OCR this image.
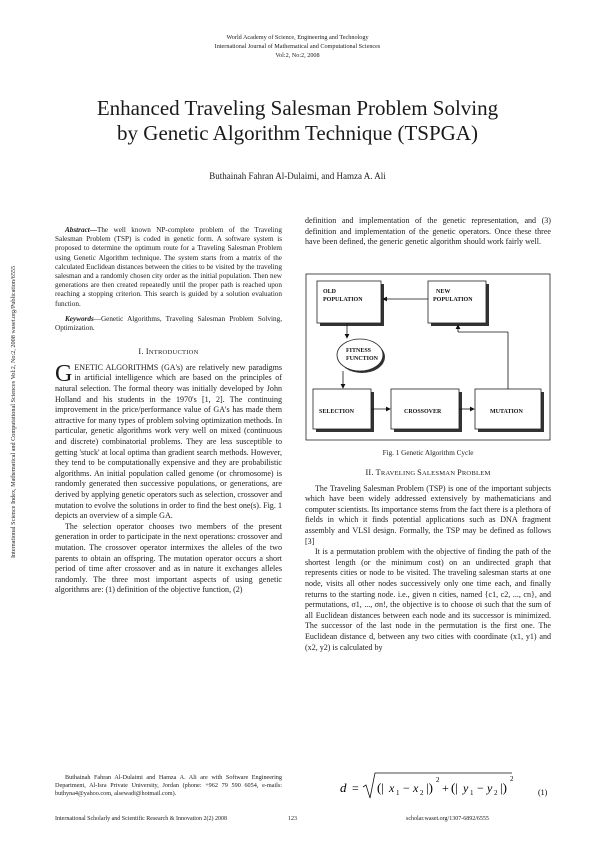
World Academy of Science, Engineering and Technology
International Journal of Mathematical and Computational Sciences
Vol:2, No:2, 2008
Enhanced Traveling Salesman Problem Solving
by Genetic Algorithm Technique (TSPGA)
Buthainah Fahran Al-Dulaimi, and Hamza A. Ali
International Science Index, Mathematical and Computational Sciences Vol:2, No:2, 2008 waset.org/Publication/6555

Abstract—The well known NP-complete problem of the Traveling Salesman Problem (TSP) is coded in genetic form. A software system is proposed to determine the optimum route for a Traveling Salesman Problem using Genetic Algorithm technique. The system starts from a matrix of the calculated Euclidean distances between the cities to be visited by the traveling salesman and a randomly chosen city order as the initial population. Then new generations are then created repeatedly until the proper path is reached upon reaching a stopping criterion. This search is guided by a solution evaluation function.

Keywords—Genetic Algorithms, Traveling Salesman Problem Solving, Optimization.

I. INTRODUCTION

GENETIC ALGORITHMS (GA's) are relatively new paradigms in artificial intelligence which are based on the principles of natural selection. The formal theory was initially developed by John Holland and his students in the 1970's [1, 2]. The continuing improvement in the price/performance value of GA's has made them attractive for many types of problem solving optimization methods. In particular, genetic algorithms work very well on mixed (continuous and discrete) combinatorial problems. They are less susceptible to getting 'stuck' at local optima than gradient search methods. However, they tend to be computationally expensive and they are probabilistic algorithms. An initial population called genome (or chromosome) is randomly generated then successive populations, or generations, are derived by applying genetic operators such as selection, crossover and mutation to evolve the solutions in order to find the best one(s). Fig. 1 depicts an overview of a simple GA.

The selection operator chooses two members of the present generation in order to participate in the next operations: crossover and mutation. The crossover operator intermixes the alleles of the two parents to obtain an offspring. The mutation operator occurs a short period of time after crossover and as in nature it exchanges alleles randomly. The three most important aspects of using genetic algorithms are: (1) definition of the objective function, (2)

Buthainah Fahran Al-Dulaimi and Hamza A. Ali are with Software Engineering Department, Al-Isra Private University, Jordan (phone: +962 79 590 6054, e-mails: buthyna4@yahoo.com, alsewadi@hotmail.com).

definition and implementation of the genetic representation, and (3) definition and implementation of the genetic operators. Once these three have been defined, the generic genetic algorithm should work fairly well.

OLD
POPULATION
NEW
POPULATION
FITNESS
FUNCTION
SELECTION	CROSSOVER	MUTATION
Fig. 1 Genetic Algorithm Cycle
II. TRAVELING SALESMAN PROBLEM

The Traveling Salesman Problem (TSP) is one of the important subjects which have been widely addressed extensively by mathematicians and computer scientists. Its importance stems from the fact there is a plethora of fields in which it finds potential applications such as DNA fragment assembly and VLSI design. Formally, the TSP may be defined as follows [3]

It is a permutation problem with the objective of finding the path of the shortest length (or the minimum cost) on an undirected graph that represents cities or node to be visited. The traveling salesman starts at one node, visits all other nodes successively only one time each, and finally returns to the starting node. i.e., given n cities, named {c1, c2, ..., cn}, and permutations, σ1, ..., σn!, the objective is to choose σi such that the sum of all Euclidean distances between each node and its successor is minimized. The successor of the last node in the permutation is the first one. The Euclidean distance d, between any two cities with coordinate (x1, y1) and (x2, y2) is calculated by

d = (| x 1 − x 2 |) 2
+ (| y 1 − y 2 |)
2
(1)
International Scholarly and Scientific Research & Innovation 2(2) 2008	123	scholar.waset.org/1307-6892/6555
